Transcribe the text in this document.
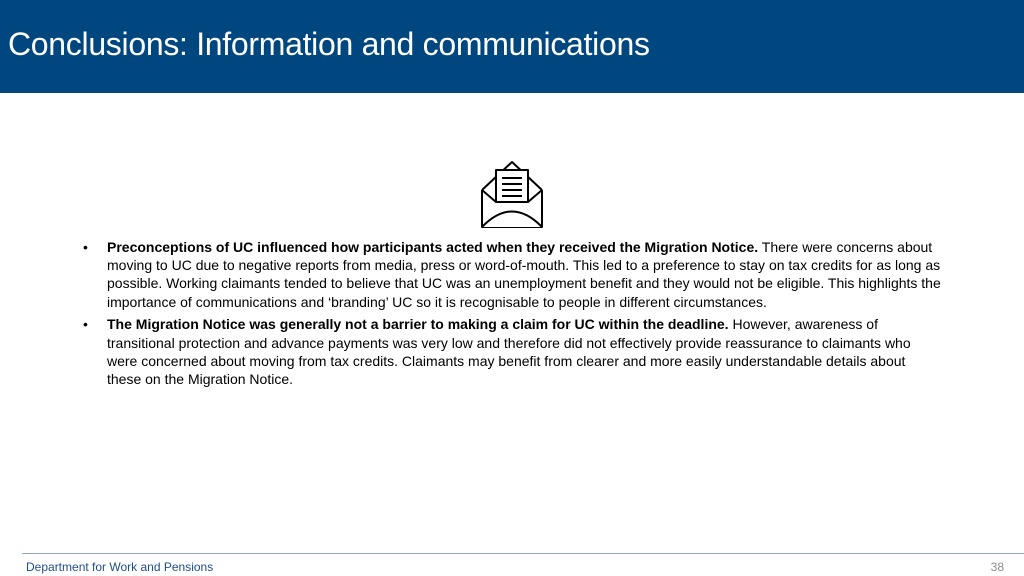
Conclusions: Information and communications
• Preconceptions of UC influenced how participants acted when they received the Migration Notice. There were concerns about moving to UC due to negative reports from media, press or word-of-mouth. This led to a preference to stay on tax credits for as long as possible. Working claimants tended to believe that UC was an unemployment benefit and they would not be eligible. This highlights the importance of communications and ‘branding’ UC so it is recognisable to people in different circumstances.
• The Migration Notice was generally not a barrier to making a claim for UC within the deadline. However, awareness of transitional protection and advance payments was very low and therefore did not effectively provide reassurance to claimants who were concerned about moving from tax credits. Claimants may benefit from clearer and more easily understandable details about these on the Migration Notice.
Department for Work and Pensions	38
